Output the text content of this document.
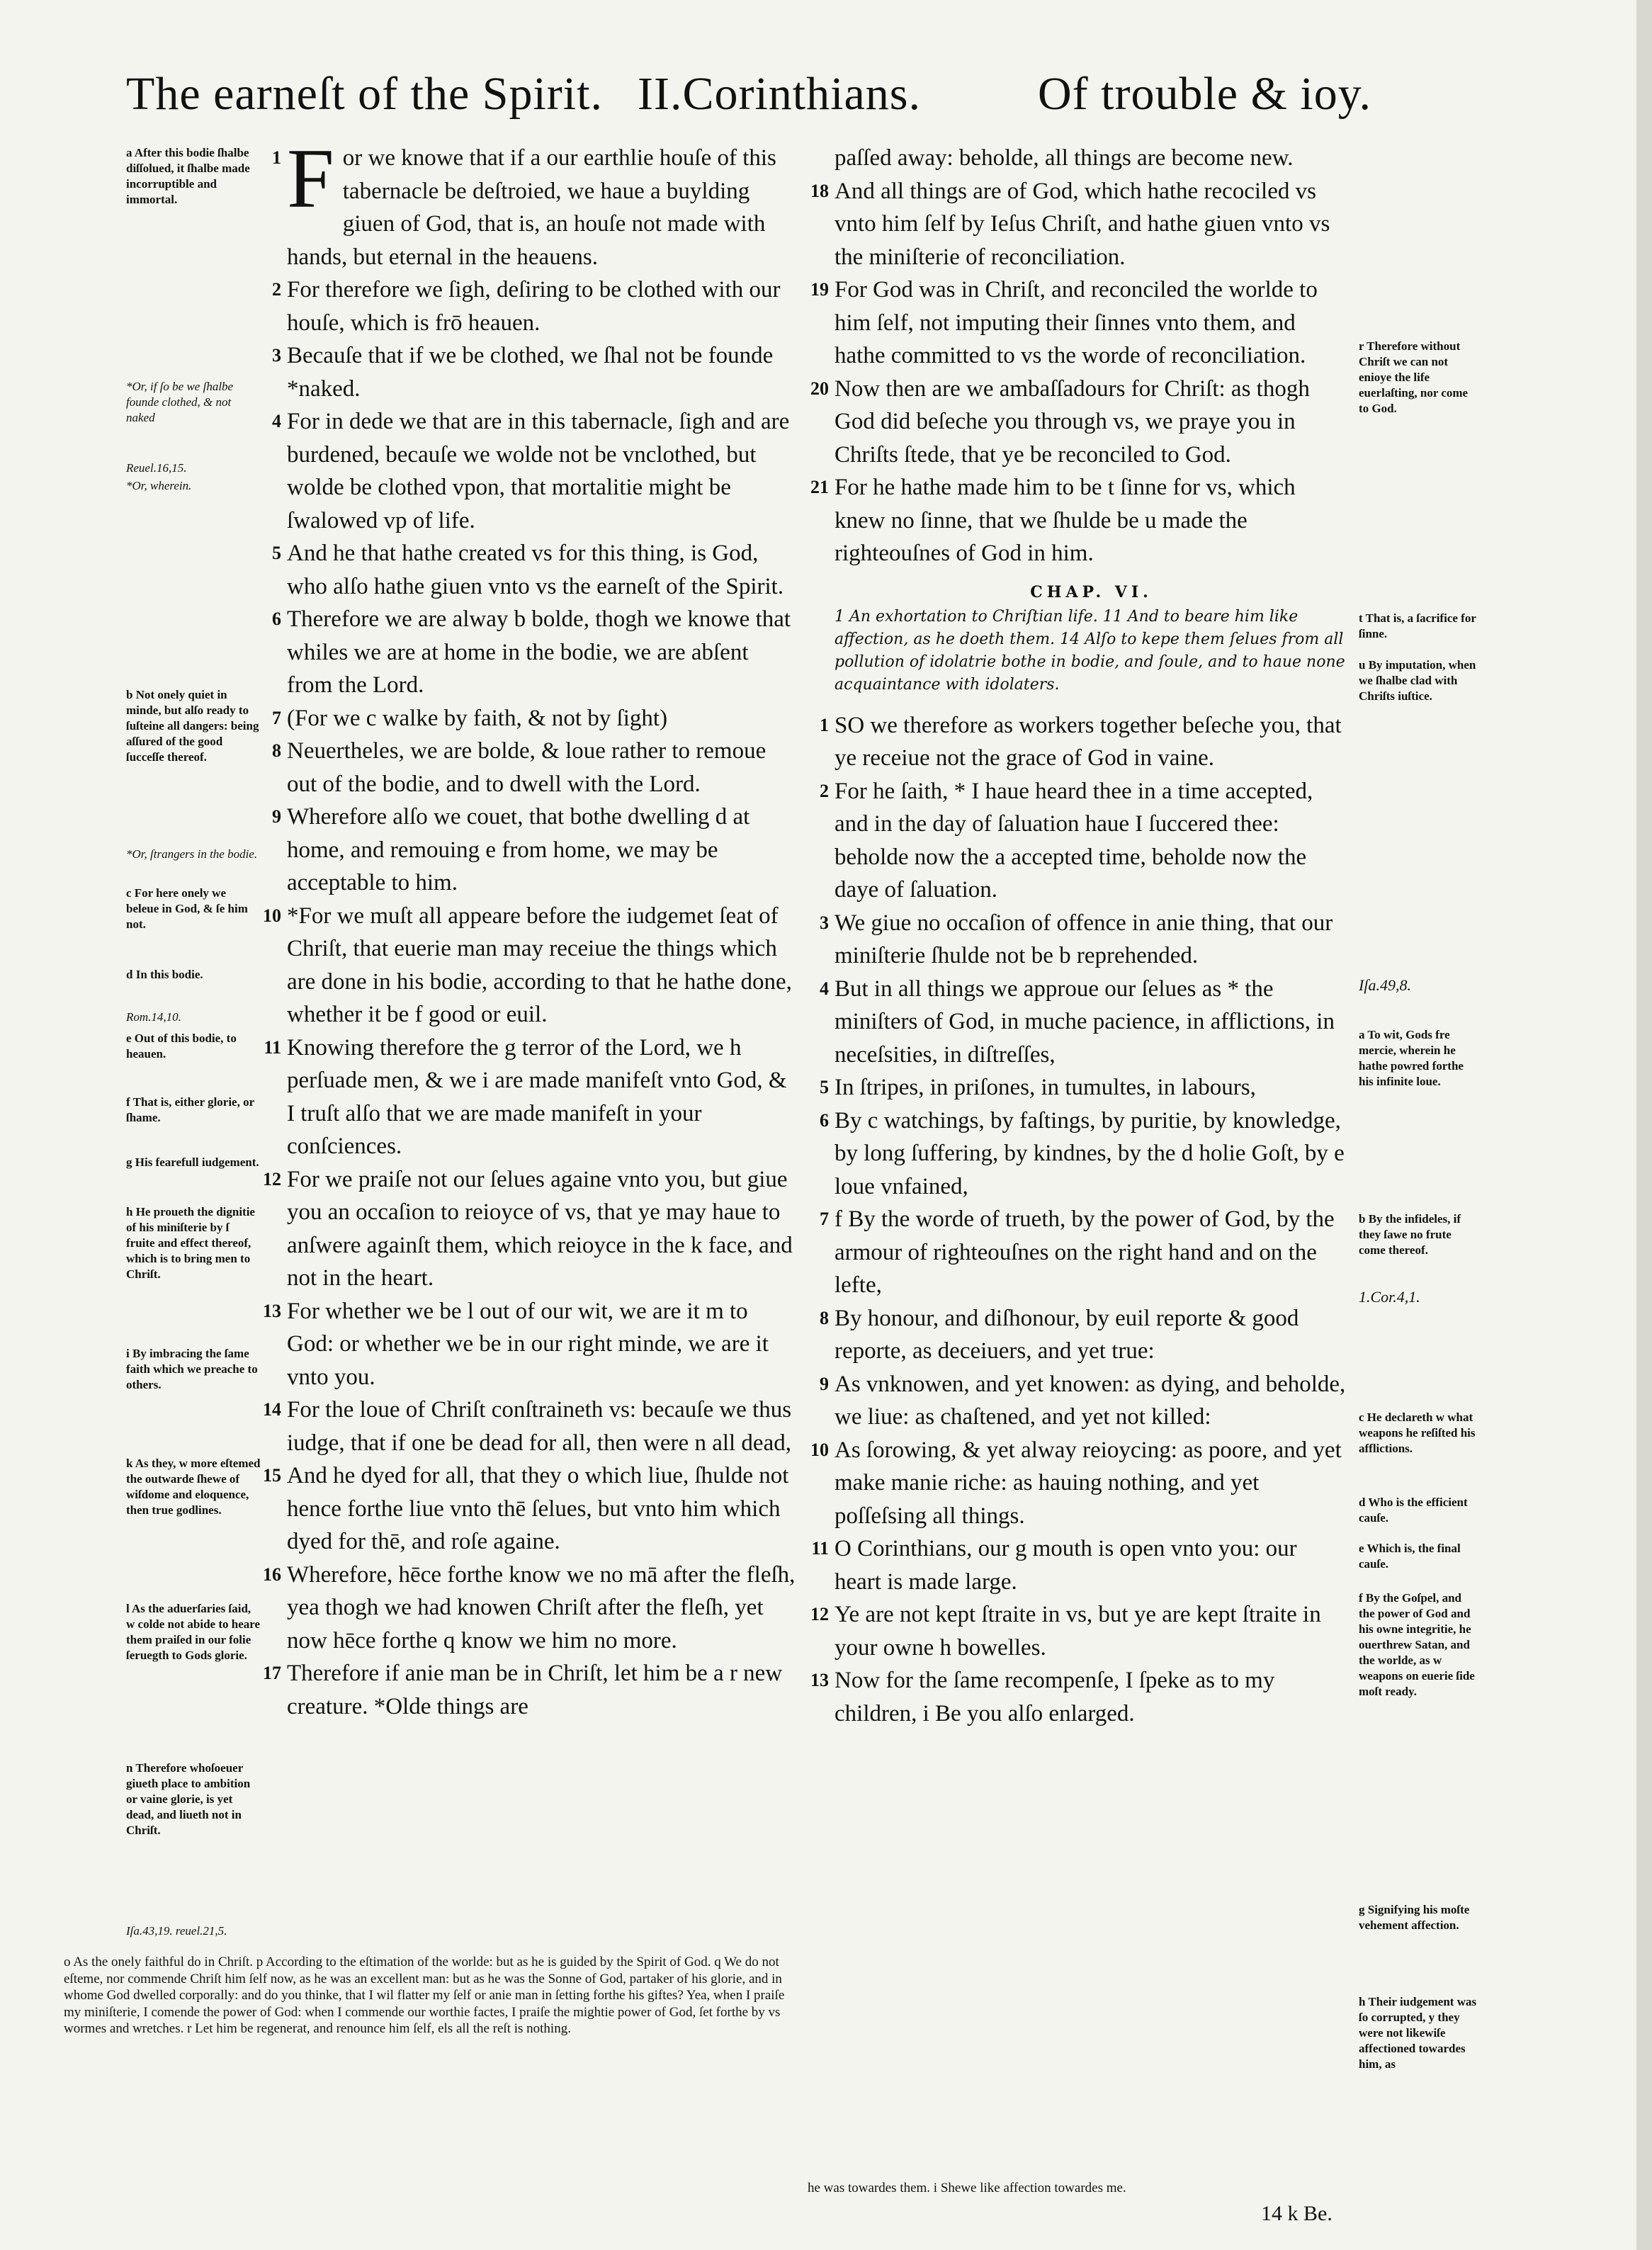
The earneſt of the Spirit. II.Corinthians.	Of trouble & ioy.
a After this bodie ſhalbe diſſolued, it ſhalbe made incorruptible and immortal.
*Or, if ſo be we ſhalbe founde clothed, & not naked
Reuel.16,15.
*Or, wherein.
b Not onely quiet in minde, but alſo ready to ſuſteine all dangers: being aſſured of the good ſucceſſe thereof.
*Or, ſtrangers in the bodie.
c For here onely we beleue in God, & ſe him not.
d In this bodie.
Rom.14,10.
e Out of this bodie, to heauen.
f That is, either glorie, or ſhame.
g His fearefull iudgement.
h He proueth the dignitie of his miniſterie by ſ fruite and effect thereof, which is to bring men to Chriſt.
i By imbracing the ſame faith which we preache to others.
k As they, w more eſtemed the outwarde ſhewe of wiſdome and eloquence, then true godlines.
l As the aduerſaries ſaid, w colde not abide to heare them praiſed in our folie ſeruegth to Gods glorie.
n Therefore whoſoeuer giueth place to ambition or vaine glorie, is yet dead, and liueth not in Chriſt.
Iſa.43,19. reuel.21,5.
F
1	or we knowe that if a our earthlie houſe of this tabernacle be deſtroied, we haue a buylding giuen of God, that is, an houſe not made with hands, but eternal in the heauens.
2 For therefore we ſigh, deſiring to be clothed with our houſe, which is frō heauen.
3 Becauſe that if we be clothed, we ſhal not be founde *naked.
4 For in dede we that are in this tabernacle, ſigh and are burdened, becauſe we wolde not be vnclothed, but wolde be clothed vpon, that mortalitie might be ſwalowed vp of life.
5 And he that hathe created vs for this thing, is God, who alſo hathe giuen vnto vs the earneſt of the Spirit.
6 Therefore we are alway b bolde, thogh we knowe that whiles we are at home in the bodie, we are abſent from the Lord.
7 (For we c walke by faith, & not by ſight)
8 Neuertheles, we are bolde, & loue rather to remoue out of the bodie, and to dwell with the Lord.
9 Wherefore alſo we couet, that bothe dwelling d at home, and remouing e from home, we may be acceptable to him.
10 *For we muſt all appeare before the iudgemet ſeat of Chriſt, that euerie man may receiue the things which are done in his bodie, according to that he hathe done, whether it be f good or euil.
11 Knowing therefore the g terror of the Lord, we h perſuade men, & we i are made manifeſt vnto God, & I truſt alſo that we are made manifeſt in your conſciences.
12 For we praiſe not our ſelues againe vnto you, but giue you an occaſion to reioyce of vs, that ye may haue to anſwere againſt them, which reioyce in the k face, and not in the heart.
13 For whether we be l out of our wit, we are it m to God: or whether we be in our right minde, we are it vnto you.
14 For the loue of Chriſt conſtraineth vs: becauſe we thus iudge, that if one be dead for all, then were n all dead,
15 And he dyed for all, that they o which liue, ſhulde not hence forthe liue vnto thē ſelues, but vnto him which dyed for thē, and roſe againe.
16 Wherefore, hēce forthe know we no mā after the fleſh, yea thogh we had knowen Chriſt after the fleſh, yet now hēce forthe q know we him no more.
17 Therefore if anie man be in Chriſt, let him be a r new creature. *Olde things are
paſſed away: beholde, all things are become new.
18 And all things are of God, which hathe recociled vs vnto him ſelf by Ieſus Chriſt, and hathe giuen vnto vs the miniſterie of reconciliation.
19 For God was in Chriſt, and reconciled the worlde to him ſelf, not imputing their ſinnes vnto them, and hathe committed to vs the worde of reconciliation.
20 Now then are we ambaſſadours for Chriſt: as thogh God did beſeche you through vs, we praye you in Chriſts ſtede, that ye be reconciled to God.
21 For he hathe made him to be t ſinne for vs, which knew no ſinne, that we ſhulde be u made the righteouſnes of God in him.
CHAP. VI.
1 An exhortation to Chriſtian life. 11 And to beare him like affection, as he doeth them. 14 Alſo to kepe them ſelues from all pollution of idolatrie bothe in bodie, and ſoule, and to haue none acquaintance with idolaters.
1 SO we therefore as workers together beſeche you, that ye receiue not the grace of God in vaine.
2 For he ſaith, * I haue heard thee in a time accepted, and in the day of ſaluation haue I ſuccered thee: beholde now the a accepted time, beholde now the daye of ſaluation.
3 We giue no occaſion of offence in anie thing, that our miniſterie ſhulde not be b reprehended.
4 But in all things we approue our ſelues as * the miniſters of God, in muche pacience, in afflictions, in neceſsities, in diſtreſſes,
5 In ſtripes, in priſones, in tumultes, in labours,
6 By c watchings, by faſtings, by puritie, by knowledge, by long ſuffering, by kindnes, by the d holie Goſt, by e loue vnfained,
7 f By the worde of trueth, by the power of God, by the armour of righteouſnes on the right hand and on the lefte,
8 By honour, and diſhonour, by euil reporte & good reporte, as deceiuers, and yet true:
9 As vnknowen, and yet knowen: as dying, and beholde, we liue: as chaſtened, and yet not killed:
10 As ſorowing, & yet alway reioycing: as poore, and yet make manie riche: as hauing nothing, and yet poſſeſsing all things.
11 O Corinthians, our g mouth is open vnto you: our heart is made large.
12 Ye are not kept ſtraite in vs, but ye are kept ſtraite in your owne h bowelles.
13 Now for the ſame recompenſe, I ſpeke as to my children, i Be you alſo enlarged.
r Therefore without Chriſt we can not enioye the life euerlaſting, nor come to God.
t That is, a ſacrifice for ſinne.
u By imputation, when we ſhalbe clad with Chriſts iuſtice.
Iſa.49,8.
a To wit, Gods fre mercie, wherein he hathe powred forthe his infinite loue.
b By the infideles, if they ſawe no frute come thereof.
1.Cor.4,1.
c He declareth w what weapons he reſiſted his afflictions.
d Who is the efficient cauſe.
e Which is, the final cauſe.
f By the Goſpel, and the power of God and his owne integritie, he ouerthrew Satan, and the worlde, as w weapons on euerie ſide moſt ready.
g Signifying his moſte vehement affection.
h Their iudgement was ſo corrupted, y they were not likewiſe affectioned towardes him, as
o As the onely faithful do in Chriſt. p According to the eſtimation of the worlde: but as he is guided by the Spirit of God. q We do not eſteme, nor commende Chriſt him ſelf now, as he was an excellent man: but as he was the Sonne of God, partaker of his glorie, and in whome God dwelled corporally: and do you thinke, that I wil flatter my ſelf or anie man in ſetting forthe his giftes? Yea, when I praiſe my miniſterie, I comende the power of God: when I commende our worthie factes, I praiſe the mightie power of God, ſet forthe by vs wormes and wretches. r Let him be regenerat, and renounce him ſelf, els all the reſt is nothing.
he was towardes them. i Shewe like affection towardes me.
14 k Be.
